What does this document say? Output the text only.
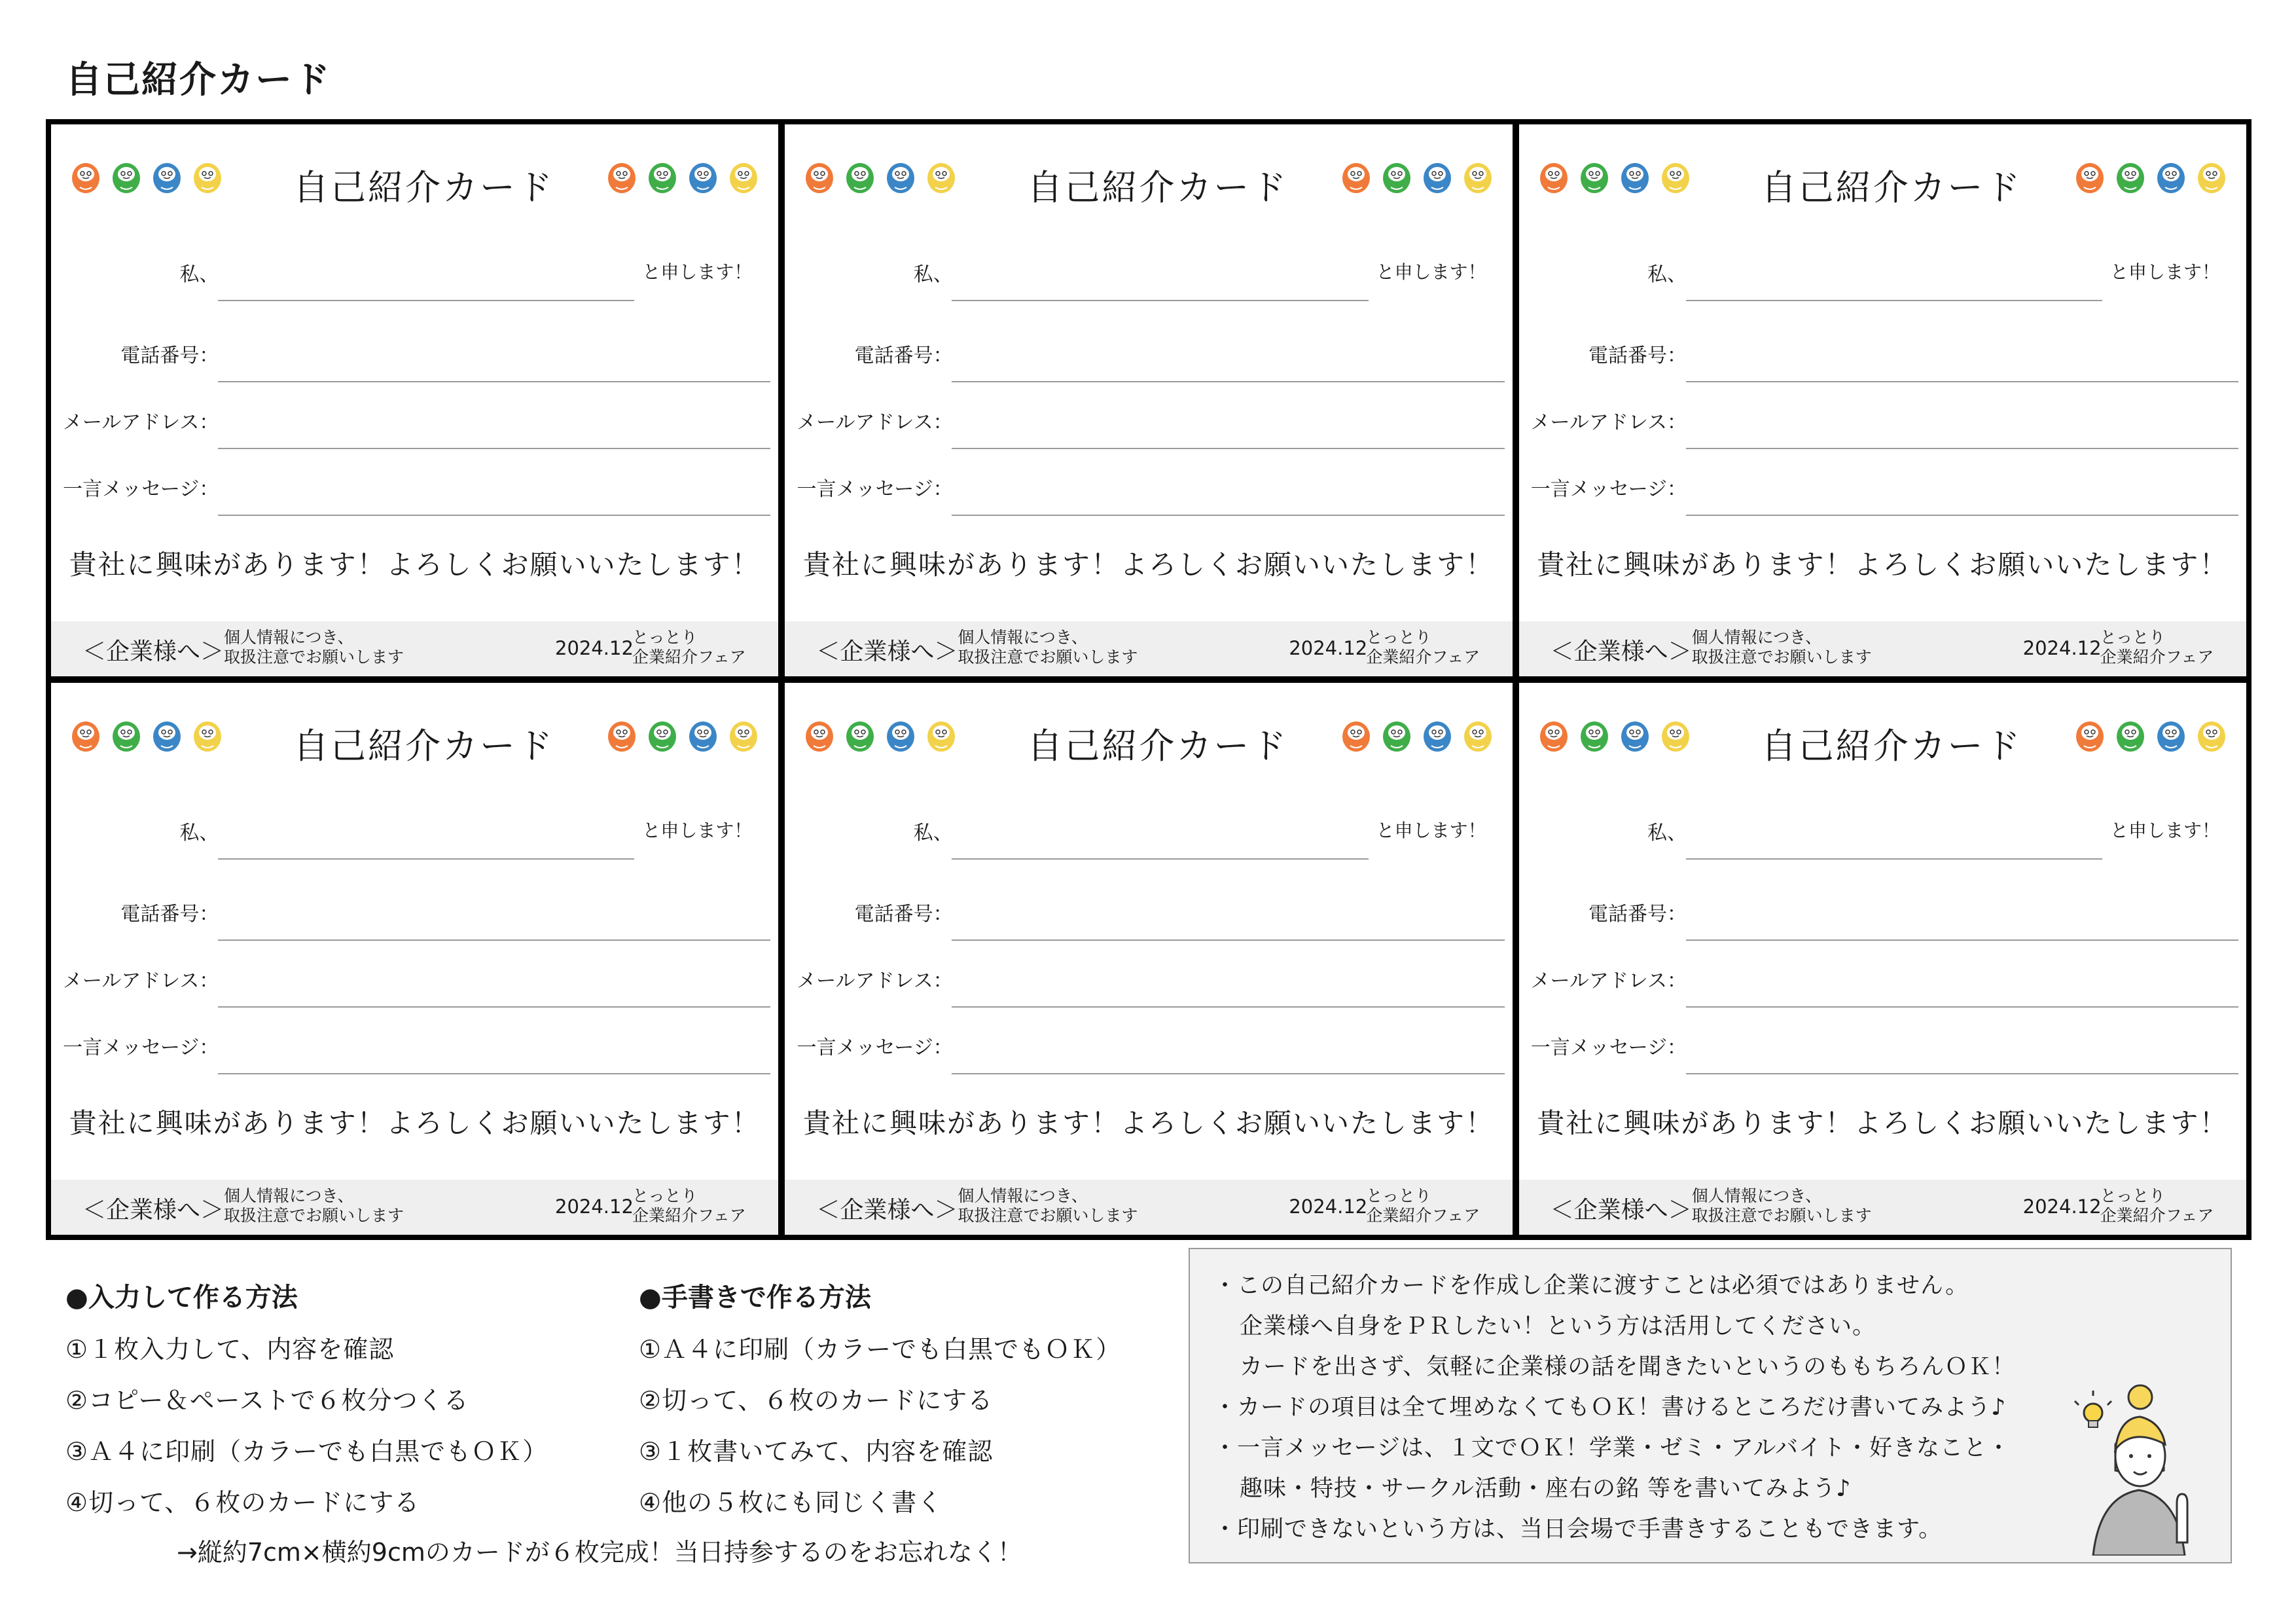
自己紹介カード
自己紹介カード
私、	と申します！
電話番号：
メールアドレス：
一言メッセージ：
貴社に興味があります！よろしくお願いいたします！
＜企業様へ＞
個人情報につき、
取扱注意でお願いします	2024.12
とっとり
企業紹介フェア
自己紹介カード
私、	と申します！
電話番号：
メールアドレス：
一言メッセージ：
貴社に興味があります！よろしくお願いいたします！
＜企業様へ＞
個人情報につき、
取扱注意でお願いします	2024.12
とっとり
企業紹介フェア
自己紹介カード
私、	と申します！
電話番号：
メールアドレス：
一言メッセージ：
貴社に興味があります！よろしくお願いいたします！
＜企業様へ＞
個人情報につき、
取扱注意でお願いします	2024.12
とっとり
企業紹介フェア
自己紹介カード
私、	と申します！
電話番号：
メールアドレス：
一言メッセージ：
貴社に興味があります！よろしくお願いいたします！
＜企業様へ＞
個人情報につき、
取扱注意でお願いします	2024.12
とっとり
企業紹介フェア
自己紹介カード
私、	と申します！
電話番号：
メールアドレス：
一言メッセージ：
貴社に興味があります！よろしくお願いいたします！
＜企業様へ＞
個人情報につき、
取扱注意でお願いします	2024.12
とっとり
企業紹介フェア
自己紹介カード
私、	と申します！
電話番号：
メールアドレス：
一言メッセージ：
貴社に興味があります！よろしくお願いいたします！
＜企業様へ＞
個人情報につき、
取扱注意でお願いします	2024.12
とっとり
企業紹介フェア
●入力して作る方法
①１枚入力して、内容を確認
②コピー＆ペーストで６枚分つくる
③Ａ４に印刷（カラーでも白黒でもＯＫ）
④切って、６枚のカードにする
●手書きで作る方法
①Ａ４に印刷（カラーでも白黒でもＯＫ）
②切って、６枚のカードにする
③１枚書いてみて、内容を確認
④他の５枚にも同じく書く
→縦約7cm×横約9cmのカードが６枚完成！当日持参するのをお忘れなく！
・この自己紹介カードを作成し企業に渡すことは必須ではありません。
企業様へ自身をＰＲしたい！という方は活用してください。
カードを出さず、気軽に企業様の話を聞きたいというのももちろんＯＫ！
・カードの項目は全て埋めなくてもＯＫ！書けるところだけ書いてみよう♪
・一言メッセージは、１文でＯＫ！学業・ゼミ・アルバイト・好きなこと・
趣味・特技・サークル活動・座右の銘 等を書いてみよう♪
・印刷できないという方は、当日会場で手書きすることもできます。
